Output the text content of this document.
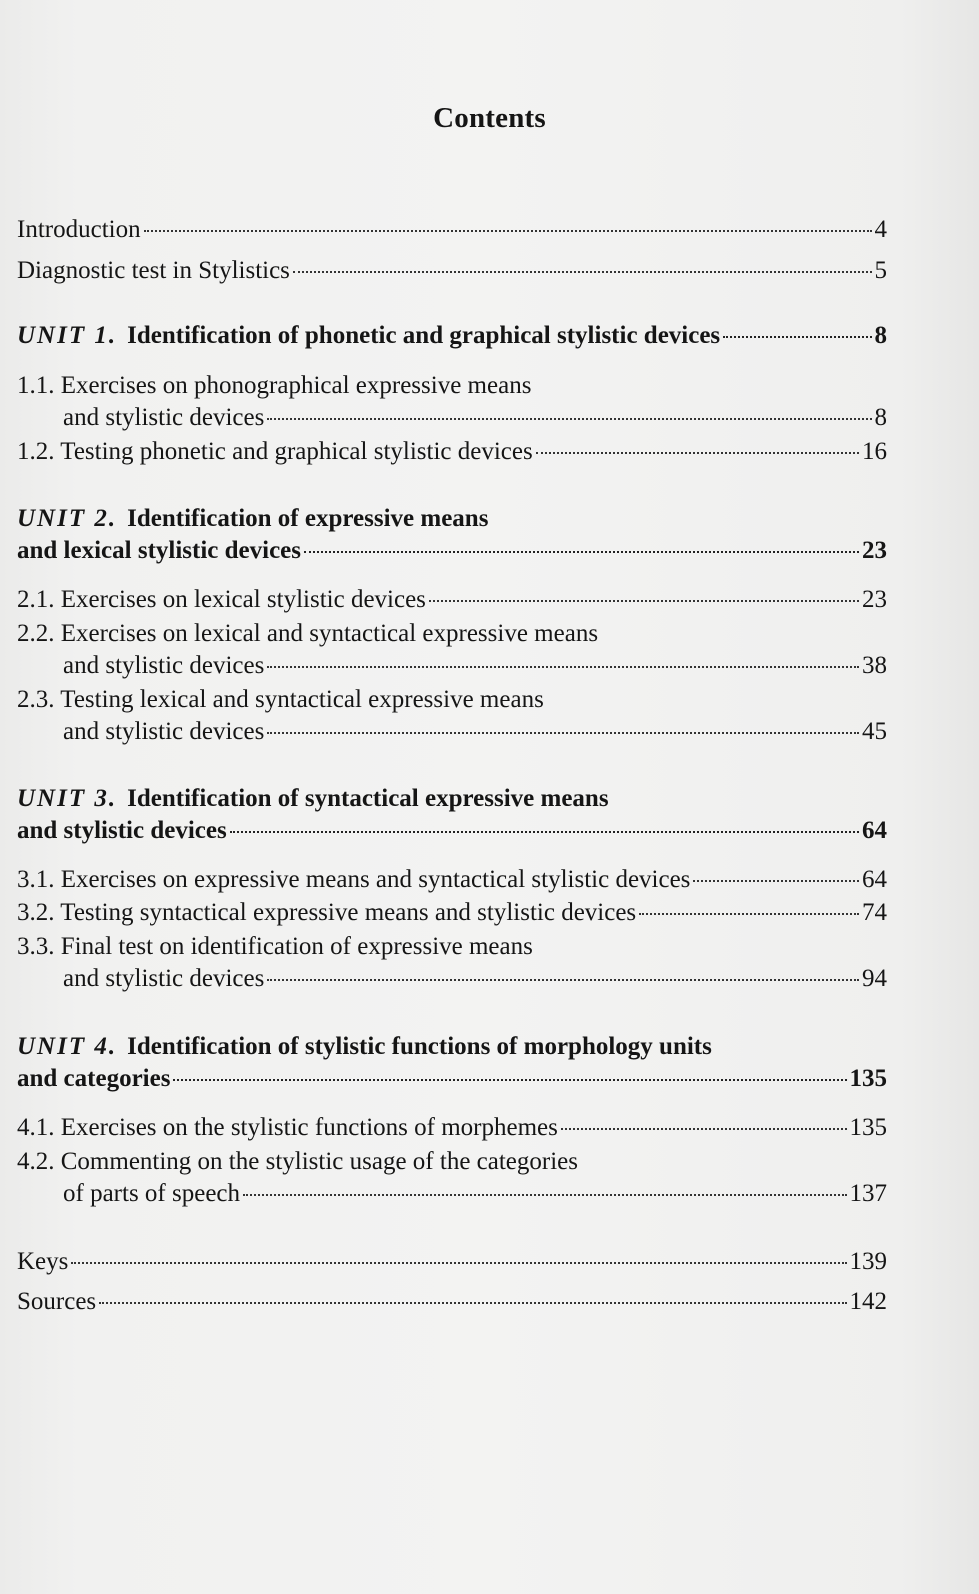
Contents
Introduction	4
Diagnostic test in Stylistics	5
UNIT 1. Identification of phonetic and graphical stylistic devices	8
1.1. Exercises on phonographical expressive means
and stylistic devices	8
1.2. Testing phonetic and graphical stylistic devices	16
UNIT 2. Identification of expressive means
and lexical stylistic devices	23
2.1. Exercises on lexical stylistic devices	23
2.2. Exercises on lexical and syntactical expressive means
and stylistic devices	38
2.3. Testing lexical and syntactical expressive means
and stylistic devices	45
UNIT 3. Identification of syntactical expressive means
and stylistic devices	64
3.1. Exercises on expressive means and syntactical stylistic devices	64
3.2. Testing syntactical expressive means and stylistic devices	74
3.3. Final test on identification of expressive means
and stylistic devices	94
UNIT 4. Identification of stylistic functions of morphology units
and categories	135
4.1. Exercises on the stylistic functions of morphemes	135
4.2. Commenting on the stylistic usage of the categories
of parts of speech	137
Keys	139
Sources	142
